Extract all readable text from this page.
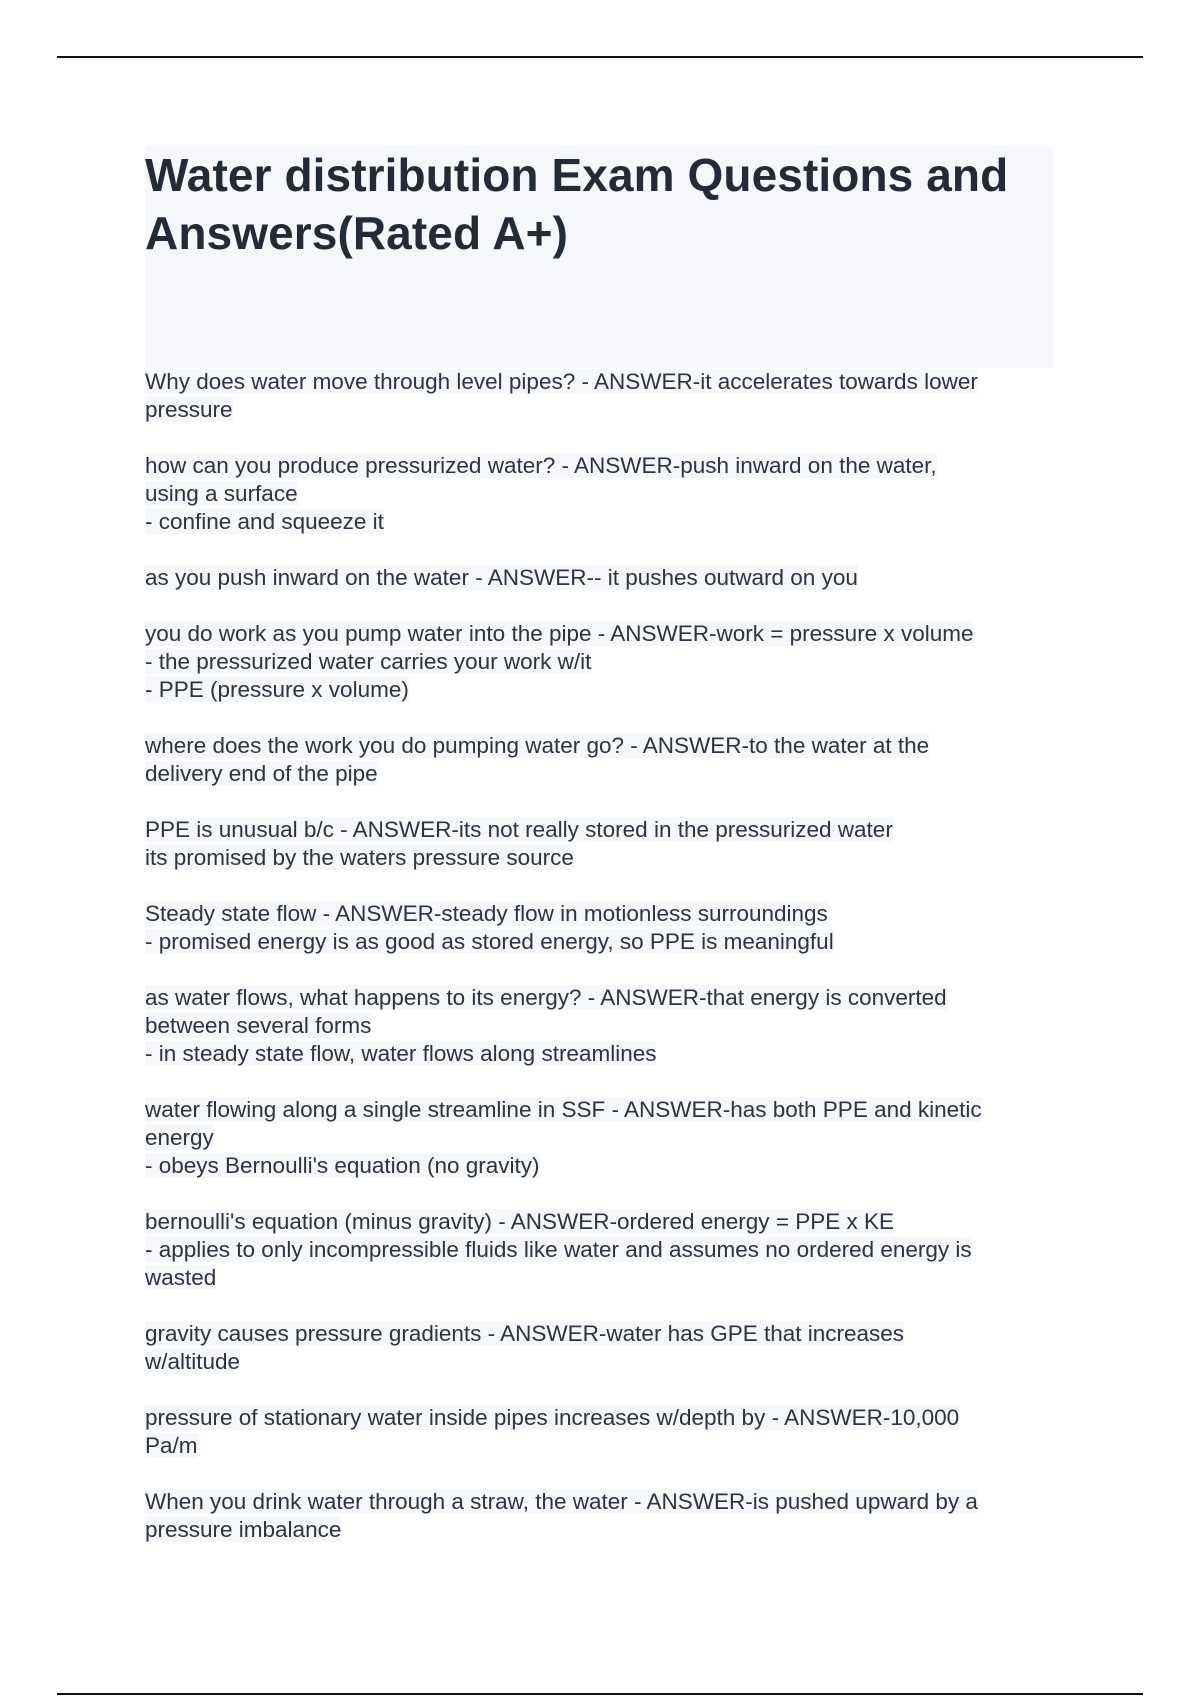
Water distribution Exam Questions and Answers(Rated A+)
Why does water move through level pipes? - ANSWER-it accelerates towards lower
pressure
how can you produce pressurized water? - ANSWER-push inward on the water,
using a surface
- confine and squeeze it
as you push inward on the water - ANSWER-- it pushes outward on you
you do work as you pump water into the pipe - ANSWER-work = pressure x volume
- the pressurized water carries your work w/it
- PPE (pressure x volume)
where does the work you do pumping water go? - ANSWER-to the water at the
delivery end of the pipe
PPE is unusual b/c - ANSWER-its not really stored in the pressurized water
its promised by the waters pressure source
Steady state flow - ANSWER-steady flow in motionless surroundings
- promised energy is as good as stored energy, so PPE is meaningful
as water flows, what happens to its energy? - ANSWER-that energy is converted
between several forms
- in steady state flow, water flows along streamlines
water flowing along a single streamline in SSF - ANSWER-has both PPE and kinetic
energy
- obeys Bernoulli's equation (no gravity)
bernoulli's equation (minus gravity) - ANSWER-ordered energy = PPE x KE
- applies to only incompressible fluids like water and assumes no ordered energy is
wasted
gravity causes pressure gradients - ANSWER-water has GPE that increases
w/altitude
pressure of stationary water inside pipes increases w/depth by - ANSWER-10,000
Pa/m
When you drink water through a straw, the water - ANSWER-is pushed upward by a
pressure imbalance
